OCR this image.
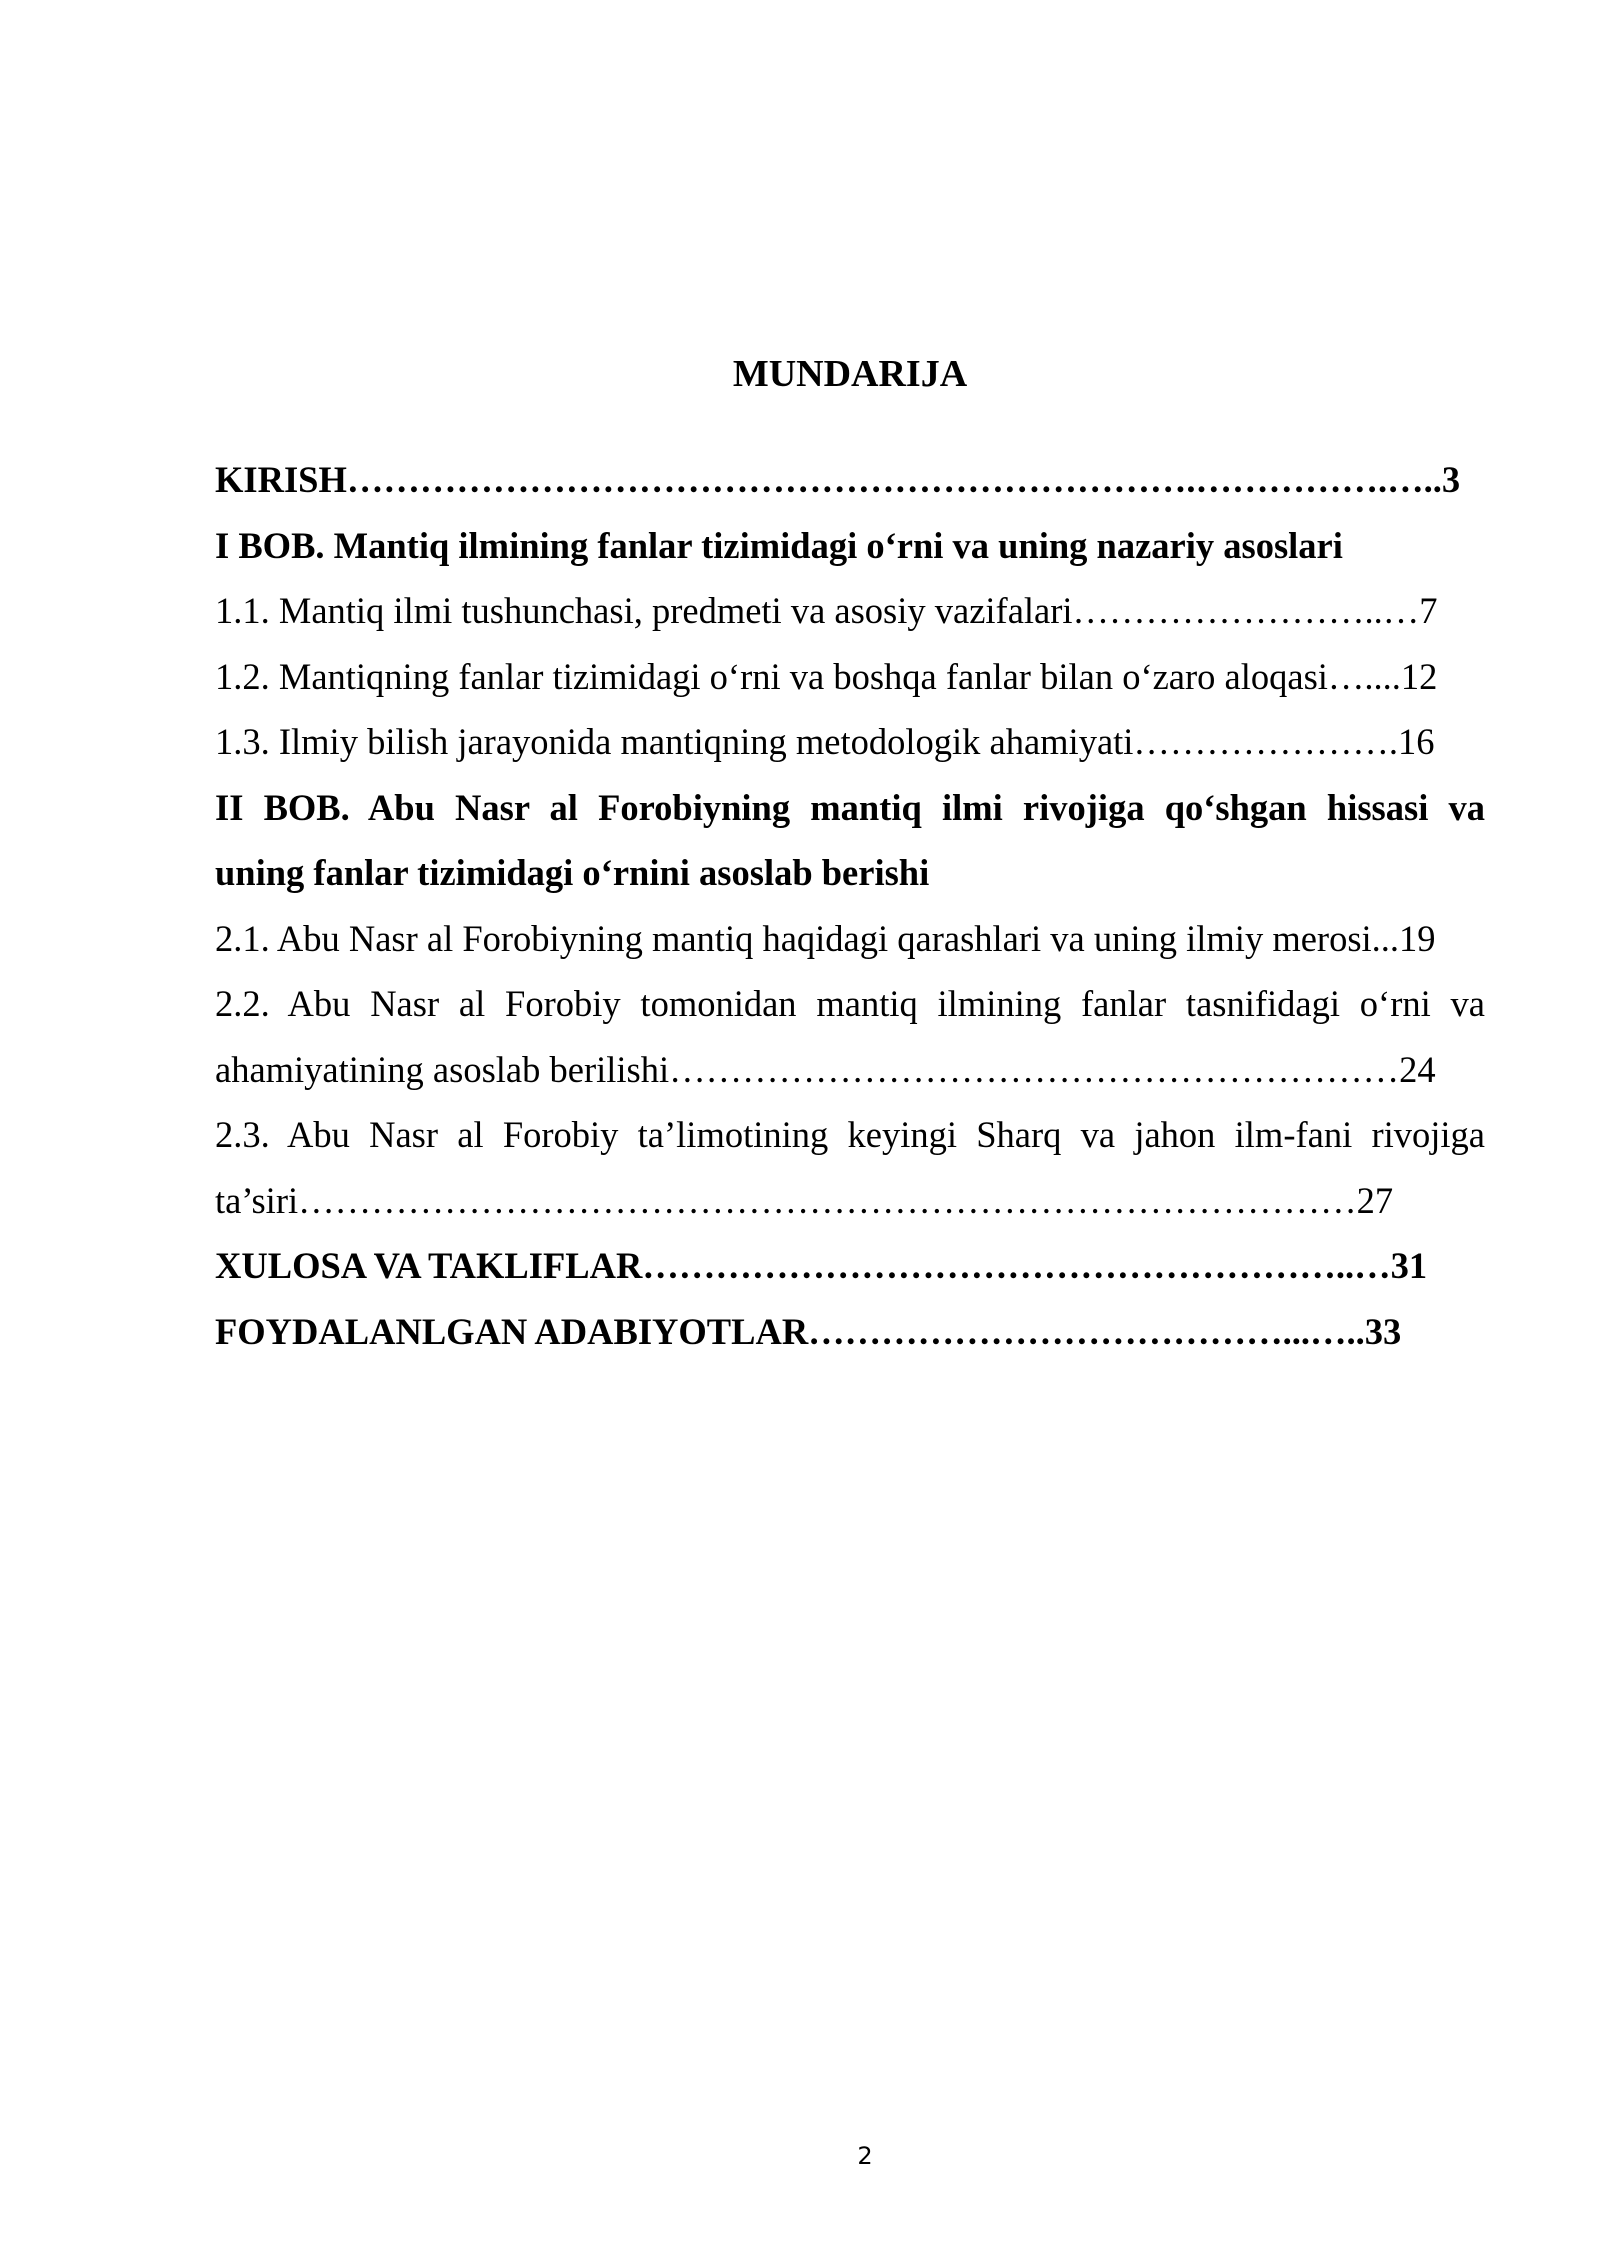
MUNDARIJA
KIRISH…………………………………………………………….…………….…..3
I BOB. Mantiq ilmining fanlar tizimidagi o‘rni va uning nazariy asoslari
1.1. Mantiq ilmi tushunchasi, predmeti va asosiy vazifalari……………………..…7
1.2. Mantiqning fanlar tizimidagi o‘rni va boshqa fanlar bilan o‘zaro aloqasi…....12
1.3. Ilmiy bilish jarayonida mantiqning metodologik ahamiyati………………….16
II BOB. Abu Nasr al Forobiyning mantiq ilmi rivojiga qo‘shgan hissasi va
uning fanlar tizimidagi o‘rnini asoslab berishi
2.1. Abu Nasr al Forobiyning mantiq haqidagi qarashlari va uning ilmiy merosi...19
2.2. Abu Nasr al Forobiy tomonidan mantiq ilmining fanlar tasnifidagi o‘rni va
ahamiyatining asoslab berilishi……………………………………………………24
2.3. Abu Nasr al Forobiy ta’limotining keyingi Sharq va jahon ilm-fani rivojiga
ta’siri……………………………………………………………………………27
XULOSA VA TAKLIFLAR…………………………………………………..…31
FOYDALANLGAN ADABIYOTLAR…………………………………...…..33
2
